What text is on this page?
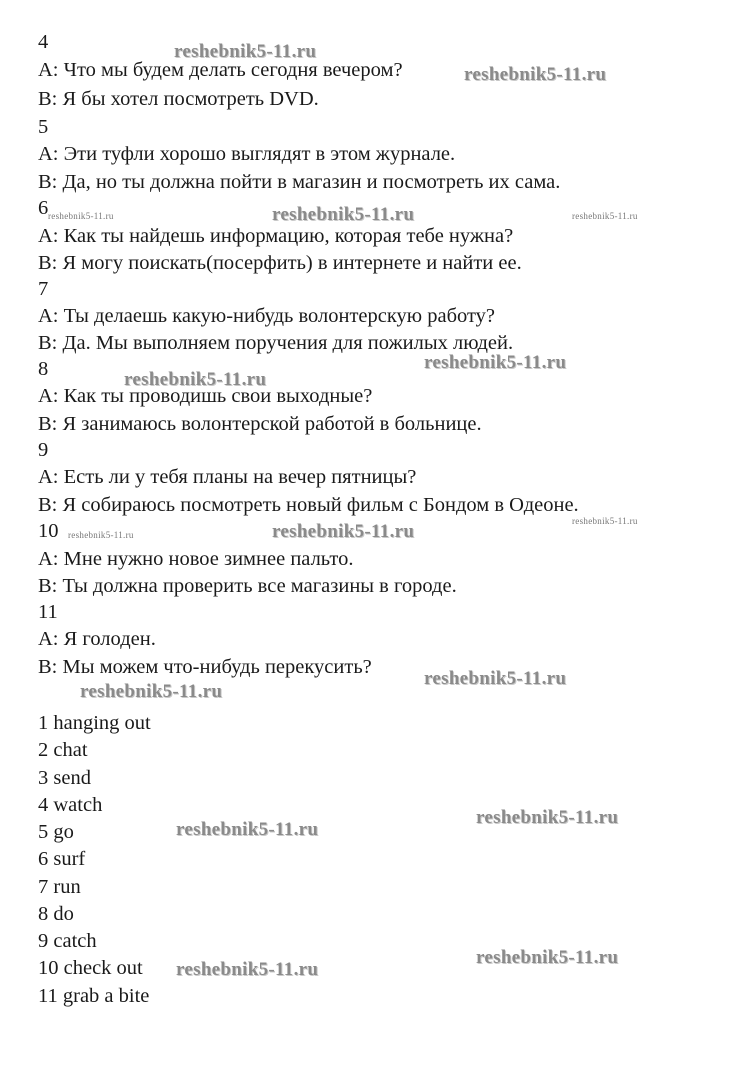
4
А: Что мы будем делать сегодня вечером?
В: Я бы хотел посмотреть DVD.
5
А: Эти туфли хорошо выглядят в этом журнале.
В: Да, но ты должна пойти в магазин и посмотреть их сама.
6
А: Как ты найдешь информацию, которая тебе нужна?
В: Я могу поискать(посерфить) в интернете и найти ее.
7
А: Ты делаешь какую-нибудь волонтерскую работу?
В: Да. Мы выполняем поручения для пожилых людей.
8
А: Как ты проводишь свои выходные?
В: Я занимаюсь волонтерской работой в больнице.
9
А: Есть ли у тебя планы на вечер пятницы?
В: Я собираюсь посмотреть новый фильм с Бондом в Одеоне.
10
А: Мне нужно новое зимнее пальто.
В: Ты должна проверить все магазины в городе.
11
А: Я голоден.
В: Мы можем что-нибудь перекусить?
1 hanging out
2 chat
3 send
4 watch
5 go
6 surf
7 run
8 do
9 catch
10 check out
11 grab a bite
reshebnik5-11.ru
reshebnik5-11.ru
reshebnik5-11.ru	reshebnik5-11.ru	reshebnik5-11.ru
reshebnik5-11.ru
reshebnik5-11.ru
reshebnik5-11.ru
reshebnik5-11.ru	reshebnik5-11.ru
reshebnik5-11.ru
reshebnik5-11.ru
reshebnik5-11.ru
reshebnik5-11.ru
reshebnik5-11.ru
reshebnik5-11.ru
